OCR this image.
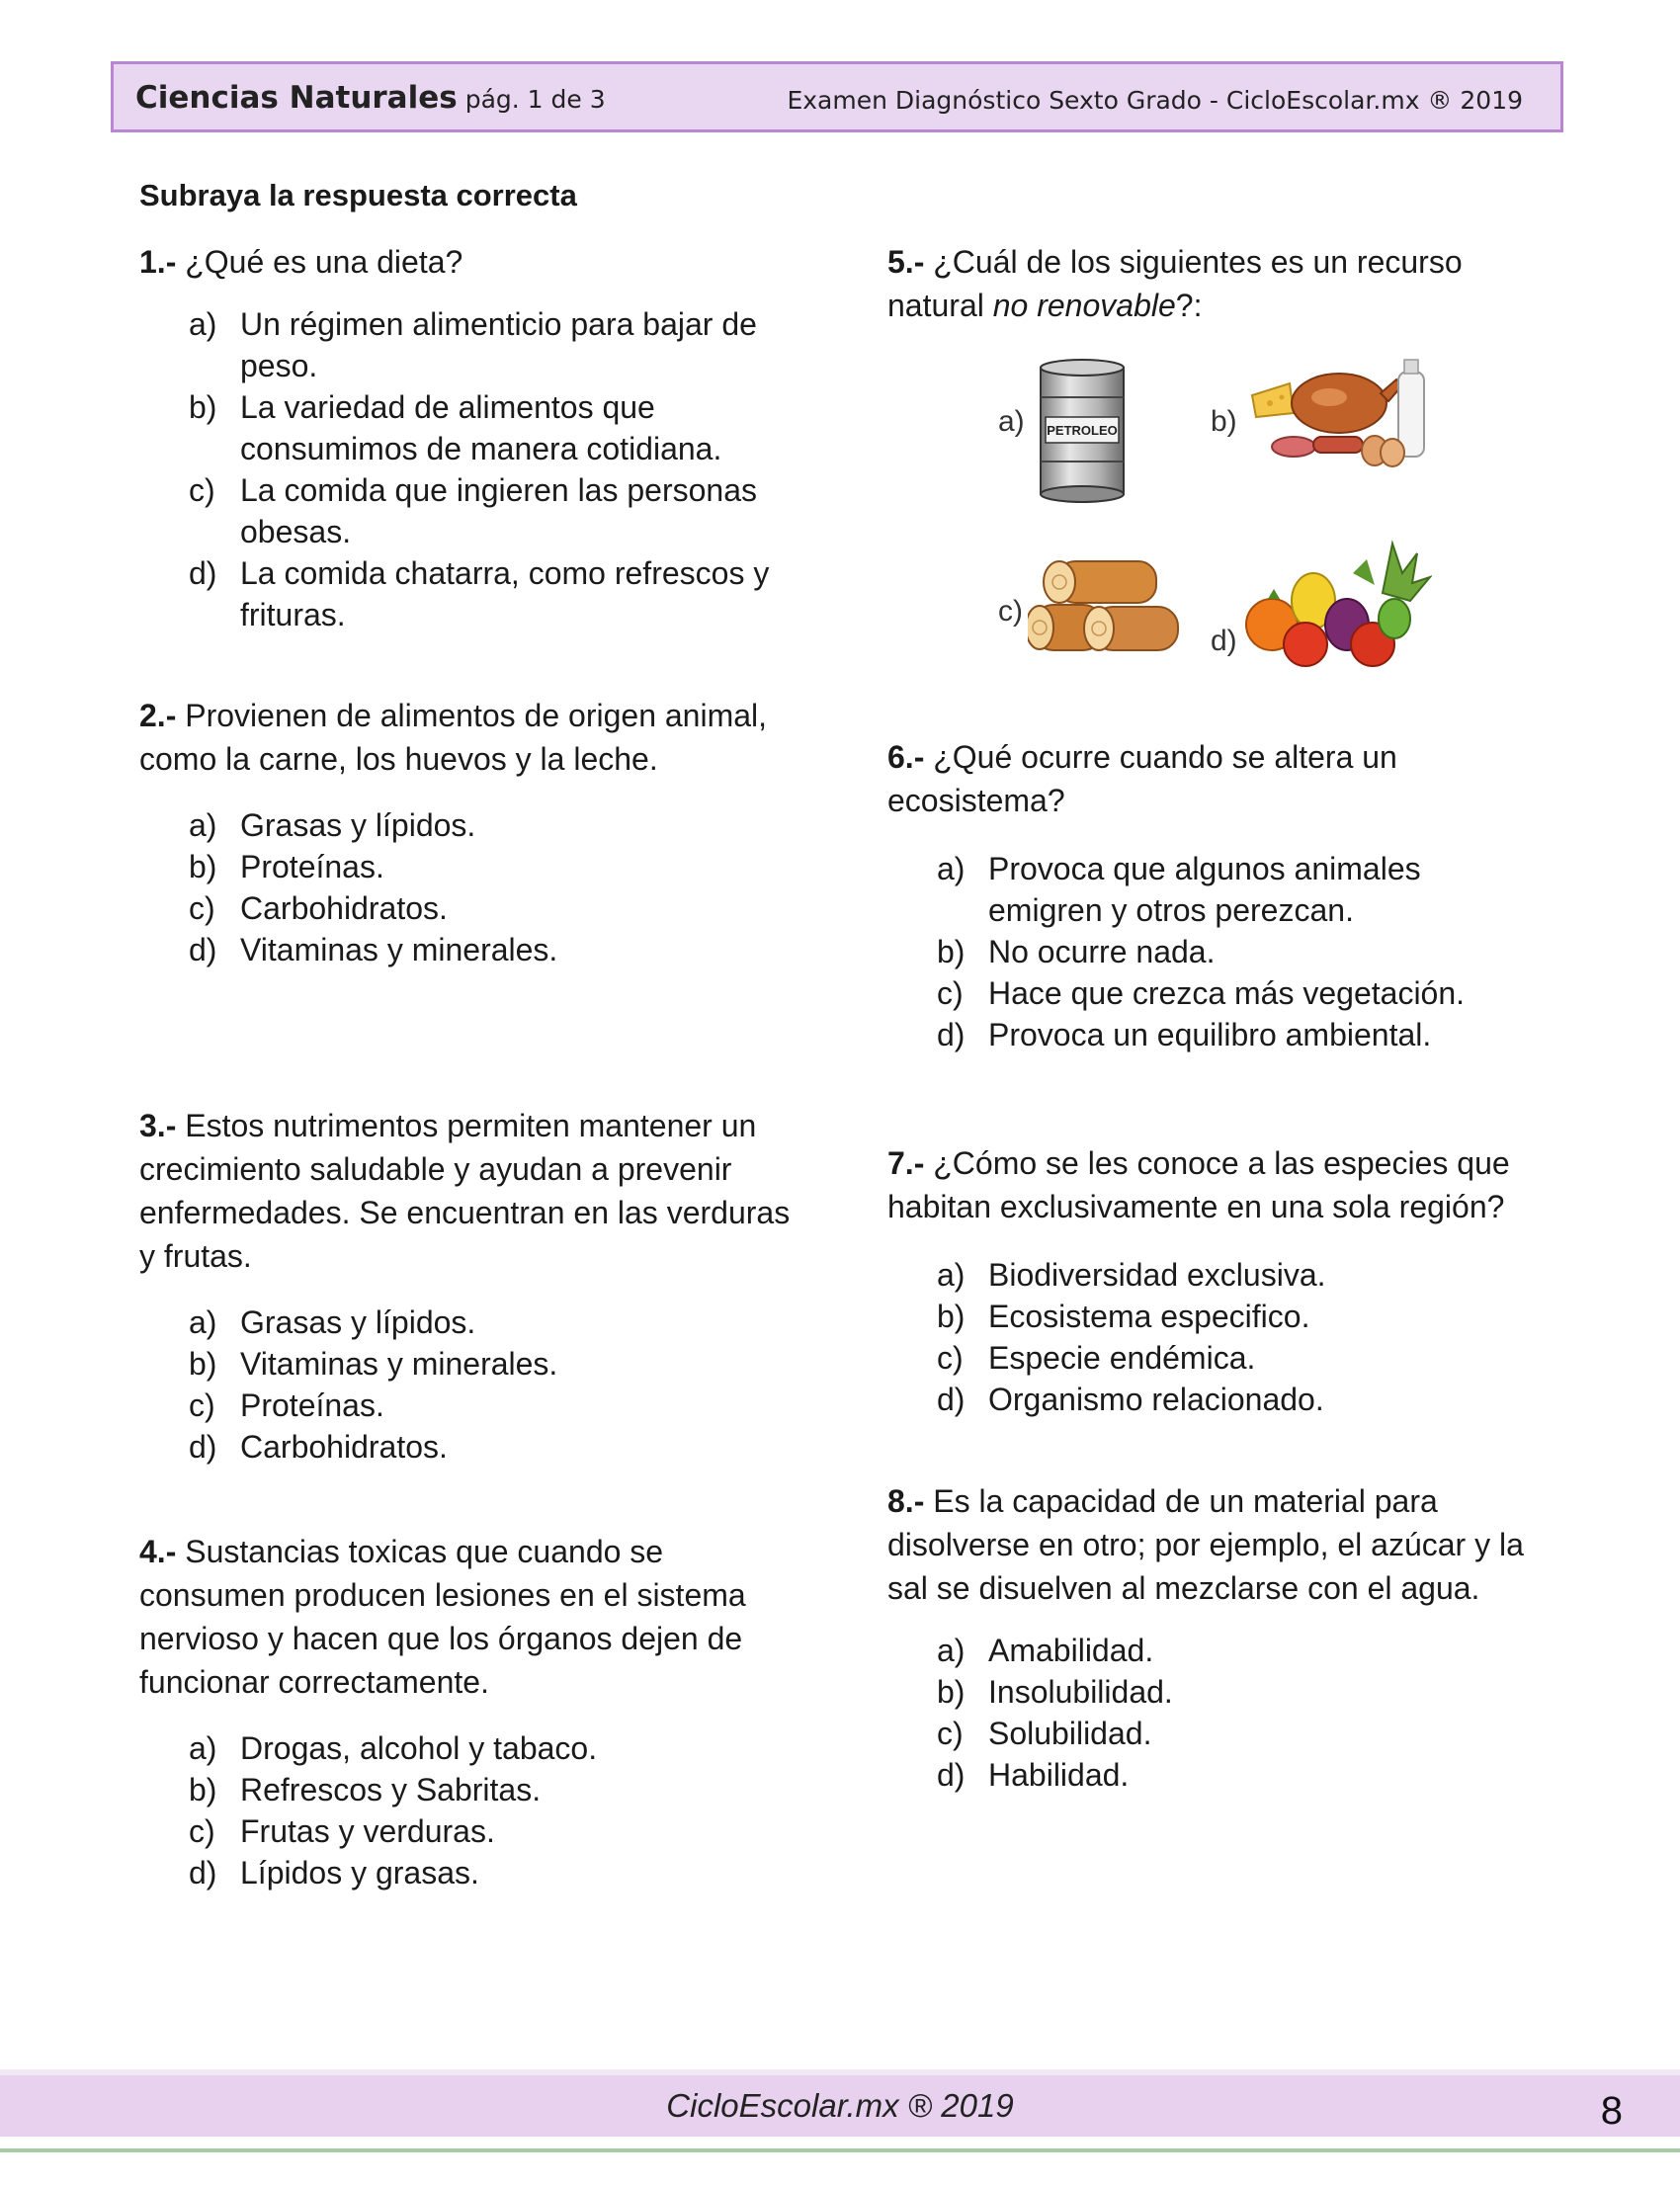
Ciencias Naturales pág. 1 de 3	Examen Diagnóstico Sexto Grado - CicloEscolar.mx ® 2019
Subraya la respuesta correcta
1.- ¿Qué es una dieta?
a) Un régimen alimenticio para bajar de peso.
b) La variedad de alimentos que consumimos de manera cotidiana.
c) La comida que ingieren las personas obesas.
d) La comida chatarra, como refrescos y frituras.
2.- Provienen de alimentos de origen animal, como la carne, los huevos y la leche.
a) Grasas y lípidos.
b) Proteínas.
c) Carbohidratos.
d) Vitaminas y minerales.
3.- Estos nutrimentos permiten mantener un crecimiento saludable y ayudan a prevenir enfermedades. Se encuentran en las verduras y frutas.
a) Grasas y lípidos.
b) Vitaminas y minerales.
c) Proteínas.
d) Carbohidratos.
4.- Sustancias toxicas que cuando se consumen producen lesiones en el sistema nervioso y hacen que los órganos dejen de funcionar correctamente.
a) Drogas, alcohol y tabaco.
b) Refrescos y Sabritas.
c) Frutas y verduras.
d) Lípidos y grasas.
5.- ¿Cuál de los siguientes es un recurso natural no renovable?:
a) PETROLEO	b)
c)
d)
6.- ¿Qué ocurre cuando se altera un ecosistema?
a) Provoca que algunos animales emigren y otros perezcan.
b) No ocurre nada.
c) Hace que crezca más vegetación.
d) Provoca un equilibro ambiental.
7.- ¿Cómo se les conoce a las especies que habitan exclusivamente en una sola región?
a) Biodiversidad exclusiva.
b) Ecosistema especifico.
c) Especie endémica.
d) Organismo relacionado.
8.- Es la capacidad de un material para disolverse en otro; por ejemplo, el azúcar y la sal se disuelven al mezclarse con el agua.
a) Amabilidad.
b) Insolubilidad.
c) Solubilidad.
d) Habilidad.
CicloEscolar.mx ® 2019	8
